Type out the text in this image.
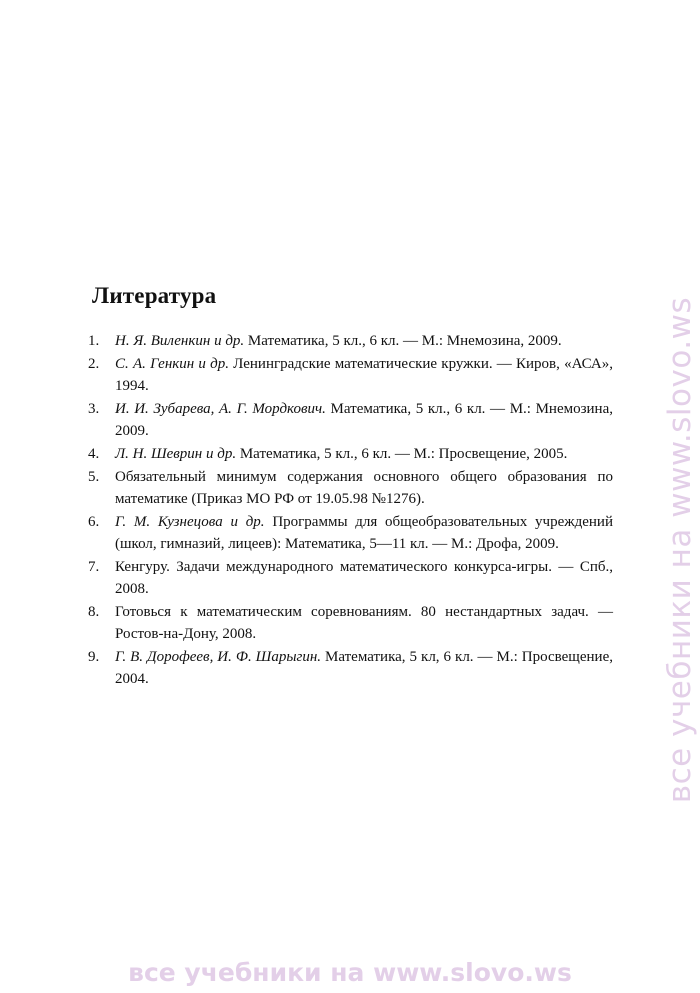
Литература
1. Н. Я. Виленкин и др. Математика, 5 кл., 6 кл. — М.: Мнемозина, 2009.
2. С. А. Генкин и др. Ленинградские математические кружки. — Киров, «АСА», 1994.
3. И. И. Зубарева, А. Г. Мордкович. Математика, 5 кл., 6 кл. — М.: Мнемозина, 2009.
4. Л. Н. Шеврин и др. Математика, 5 кл., 6 кл. — М.: Просвещение, 2005.
5. Обязательный минимум содержания основного общего образования по математике (Приказ МО РФ от 19.05.98 №1276).
6. Г. М. Кузнецова и др. Программы для общеобразовательных учреждений (школ, гимназий, лицеев): Математика, 5—11 кл. — М.: Дрофа, 2009.
7. Кенгуру. Задачи международного математического конкурса-игры. — Спб., 2008.
8. Готовься к математическим соревнованиям. 80 нестандартных задач. — Ростов-на-Дону, 2008.
9. Г. В. Дорофеев, И. Ф. Шарыгин. Математика, 5 кл, 6 кл. — М.: Просвещение, 2004.	все учебники на www.slovo.ws
все учебники на www.slovo.ws
